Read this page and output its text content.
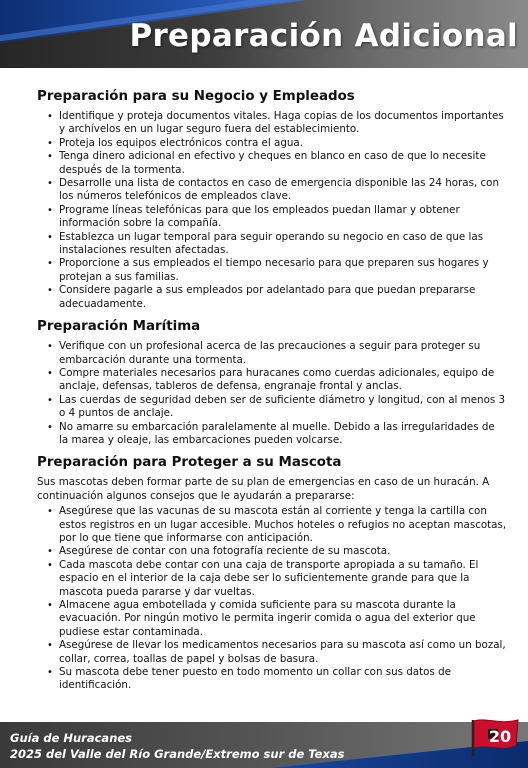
Preparación Adicional
Preparación para su Negocio y Empleados
• Identifique y proteja documentos vitales. Haga copias de los documentos importantes y archívelos en un lugar seguro fuera del establecimiento.
• Proteja los equipos electrónicos contra el agua.
• Tenga dinero adicional en efectivo y cheques en blanco en caso de que lo necesite después de la tormenta.
• Desarrolle una lista de contactos en caso de emergencia disponible las 24 horas, con los números telefónicos de empleados clave.
• Programe líneas telefónicas para que los empleados puedan llamar y obtener información sobre la compañía.
• Establezca un lugar temporal para seguir operando su negocio en caso de que las instalaciones resulten afectadas.
• Proporcione a sus empleados el tiempo necesario para que preparen sus hogares y protejan a sus familias.
• Considere pagarle a sus empleados por adelantado para que puedan prepararse adecuadamente.
Preparación Marítima
• Verifique con un profesional acerca de las precauciones a seguir para proteger su embarcación durante una tormenta.
• Compre materiales necesarios para huracanes como cuerdas adicionales, equipo de anclaje, defensas, tableros de defensa, engranaje frontal y anclas.
• Las cuerdas de seguridad deben ser de suficiente diámetro y longitud, con al menos 3 o 4 puntos de anclaje.
• No amarre su embarcación paralelamente al muelle. Debido a las irregularidades de la marea y oleaje, las embarcaciones pueden volcarse.
Preparación para Proteger a su Mascota

Sus mascotas deben formar parte de su plan de emergencias en caso de un huracán. A continuación algunos consejos que le ayudarán a prepararse:

• Asegúrese que las vacunas de su mascota están al corriente y tenga la cartilla con estos registros en un lugar accesible. Muchos hoteles o refugios no aceptan mascotas, por lo que tiene que informarse con anticipación.
• Asegúrese de contar con una fotografía reciente de su mascota.
• Cada mascota debe contar con una caja de transporte apropiada a su tamaño. El espacio en el interior de la caja debe ser lo suficientemente grande para que la mascota pueda pararse y dar vueltas.
• Almacene agua embotellada y comida suficiente para su mascota durante la evacuación. Por ningún motivo le permita ingerir comida o agua del exterior que pudiese estar contaminada.
• Asegúrese de llevar los medicamentos necesarios para su mascota así como un bozal, collar, correa, toallas de papel y bolsas de basura.
• Su mascota debe tener puesto en todo momento un collar con sus datos de identificación.
Guía de Huracanes
2025 del Valle del Río Grande/Extremo sur de Texas
20
